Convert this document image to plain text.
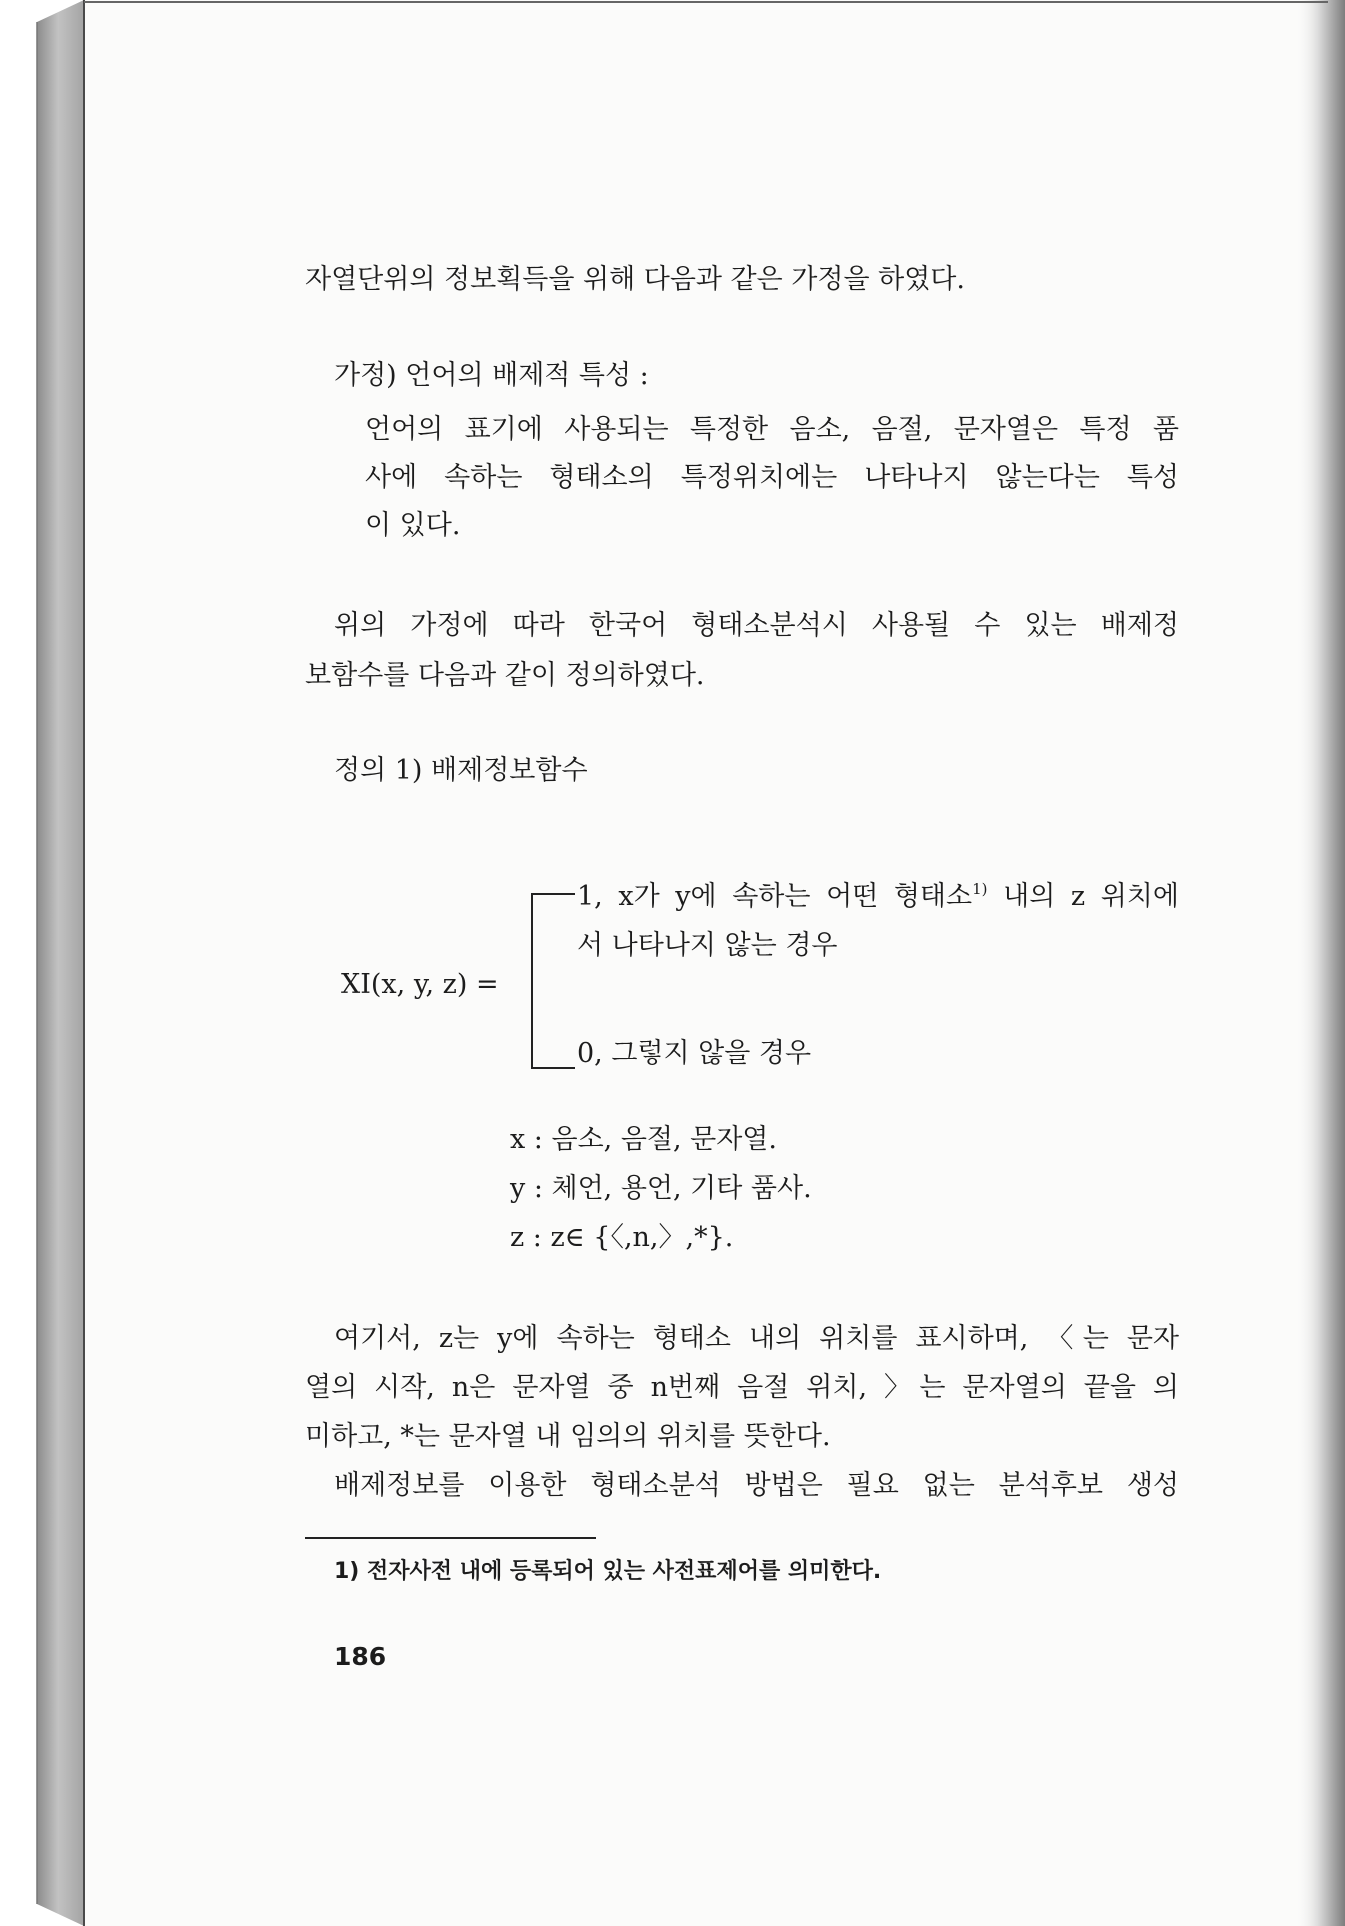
자열단위의 정보획득을 위해 다음과 같은 가정을 하였다.
가정) 언어의 배제적 특성 :
언어의 표기에 사용되는 특정한 음소, 음절, 문자열은 특정 품
사에 속하는 형태소의 특정위치에는 나타나지 않는다는 특성
이 있다.
위의 가정에 따라 한국어 형태소분석시 사용될 수 있는 배제정
보함수를 다음과 같이 정의하였다.
정의 1) 배제정보함수
1, x가 y에 속하는 어떤 형태소$^{1)}$ 내의 z 위치에
서 나타나지 않는 경우
XI(x, y, z) =
0, 그렇지 않을 경우
x : 음소, 음절, 문자열.
y : 체언, 용언, 기타 품사.
z : z∈ {〈,n,〉,*}.
여기서, z는 y에 속하는 형태소 내의 위치를 표시하며, 〈는 문자
열의 시작, n은 문자열 중 n번째 음절 위치, 〉는 문자열의 끝을 의
미하고, *는 문자열 내 임의의 위치를 뜻한다.
배제정보를 이용한 형태소분석 방법은 필요 없는 분석후보 생성
1) 전자사전 내에 등록되어 있는 사전표제어를 의미한다.
186
